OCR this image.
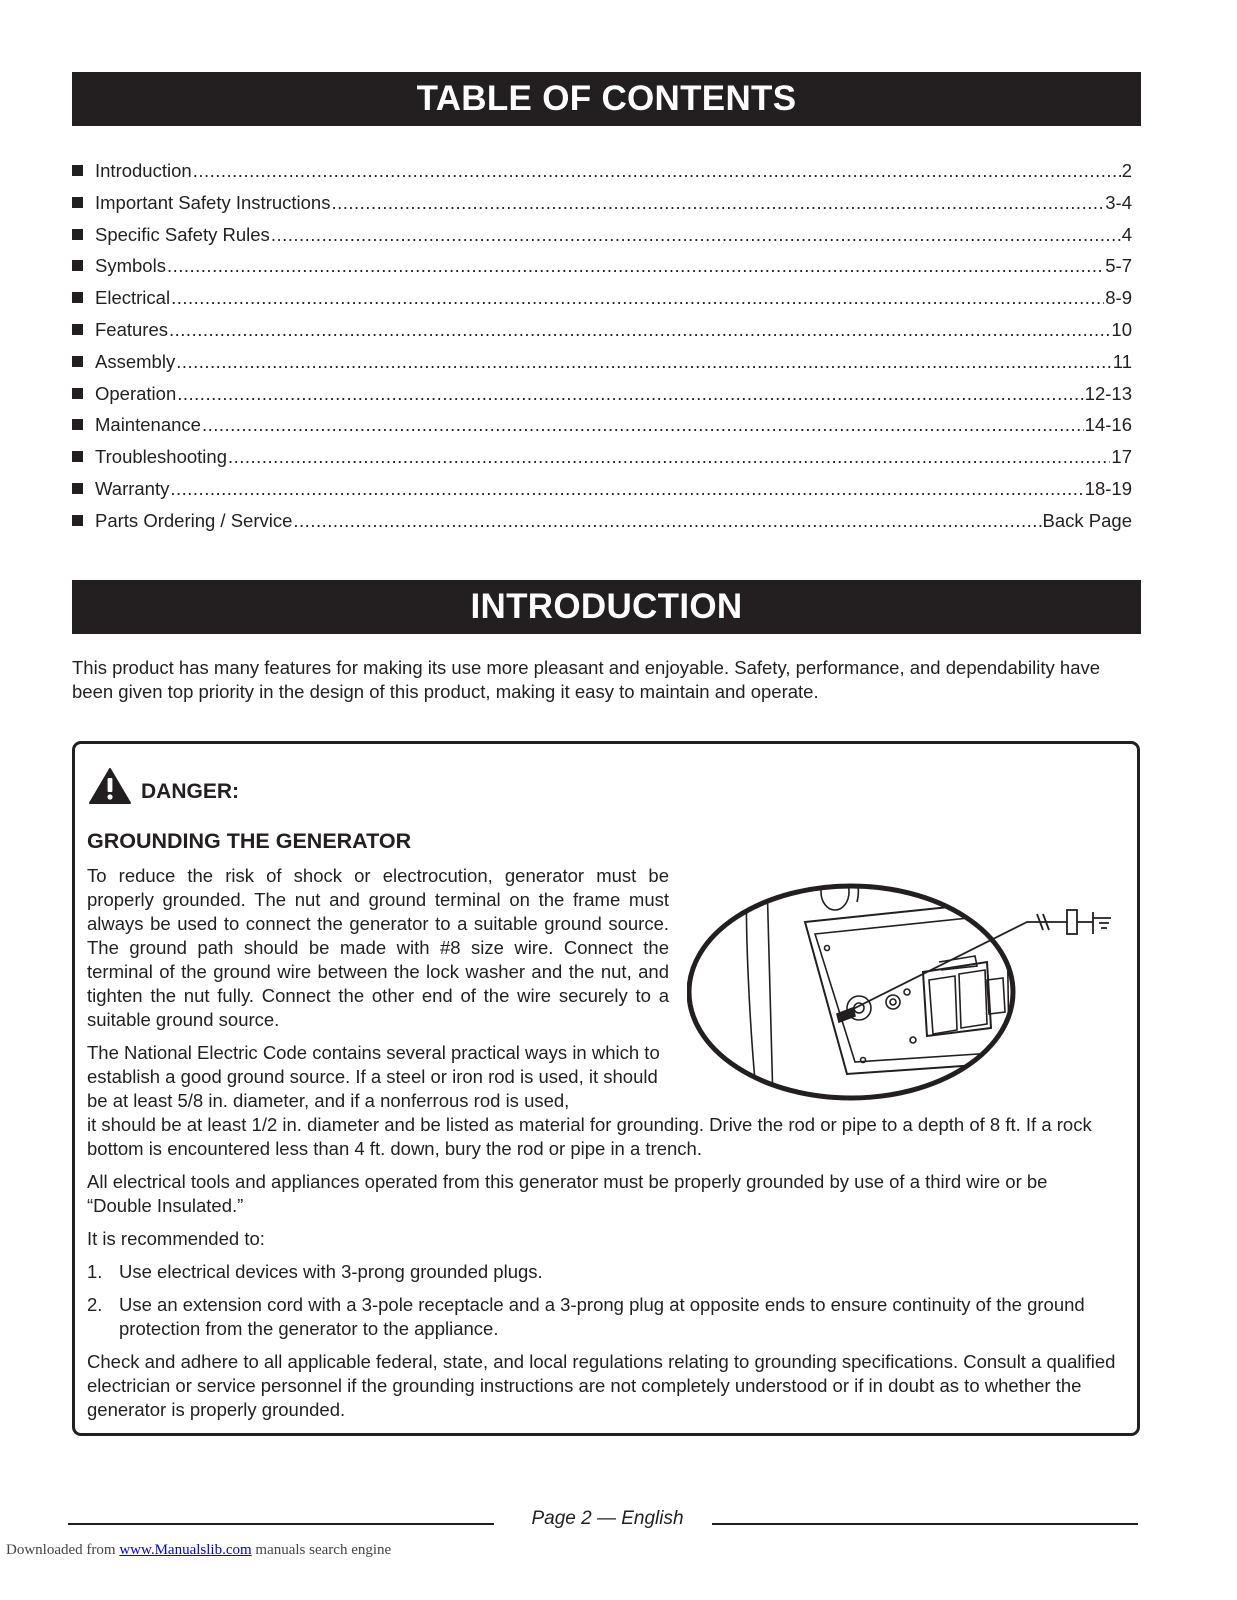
TABLE OF CONTENTS
Introduction .....	2
Important Safety Instructions .....	3-4
Specific Safety Rules .....	4
Symbols .....	5-7
Electrical .....	8-9
Features .....	10
Assembly .....	11
Operation .....	12-13
Maintenance .....	14-16
Troubleshooting .....	17
Warranty .....	18-19
Parts Ordering / Service .....	Back Page
INTRODUCTION

This product has many features for making its use more pleasant and enjoyable. Safety, performance, and dependability have been given top priority in the design of this product, making it easy to maintain and operate.

DANGER:
GROUNDING THE GENERATOR

To reduce the risk of shock or electrocution, generator must be properly grounded. The nut and ground terminal on the frame must always be used to connect the generator to a suitable ground source. The ground path should be made with #8 size wire. Connect the terminal of the ground wire between the lock washer and the nut, and tighten the nut fully. Connect the other end of the wire securely to a suitable ground source.

The National Electric Code contains several practical ways in which to establish a good ground source. If a steel or iron rod is used, it should be at least 5/8 in. diameter, and if a nonferrous rod is used,

it should be at least 1/2 in. diameter and be listed as material for grounding. Drive the rod or pipe to a depth of 8 ft. If a rock bottom is encountered less than 4 ft. down, bury the rod or pipe in a trench.

All electrical tools and appliances operated from this generator must be properly grounded by use of a third wire or be “Double Insulated.”

It is recommended to:

1. Use electrical devices with 3-prong grounded plugs.
2. Use an extension cord with a 3-pole receptacle and a 3-prong plug at opposite ends to ensure continuity of the ground protection from the generator to the appliance.

Check and adhere to all applicable federal, state, and local regulations relating to grounding specifications. Consult a qualified electrician or service personnel if the grounding instructions are not completely understood or if in doubt as to whether the generator is properly grounded.

Page 2 — English
Downloaded from www.Manualslib.com manuals search engine
